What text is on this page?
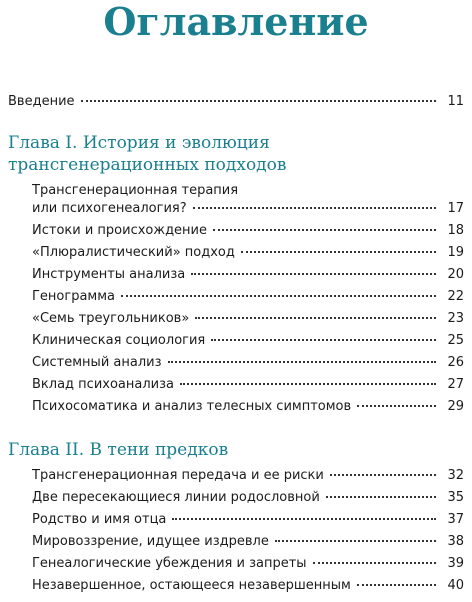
Оглавление
Введение	11
Глава I. История и эволюция
трансгенерационных подходов
Трансгенерационная терапия
или психогенеалогия?	17
Истоки и происхождение	18
«Плюралистический» подход	19
Инструменты анализа	20
Генограмма	22
«Семь треугольников»	23
Клиническая социология	25
Системный анализ	26
Вклад психоанализа	27
Психосоматика и анализ телесных симптомов	29
Глава II. В тени предков
Трансгенерационная передача и ее риски	32
Две пересекающиеся линии родословной	35
Родство и имя отца	37
Мировоззрение, идущее издревле	38
Генеалогические убеждения и запреты	39
Незавершенное, остающееся незавершенным	40
